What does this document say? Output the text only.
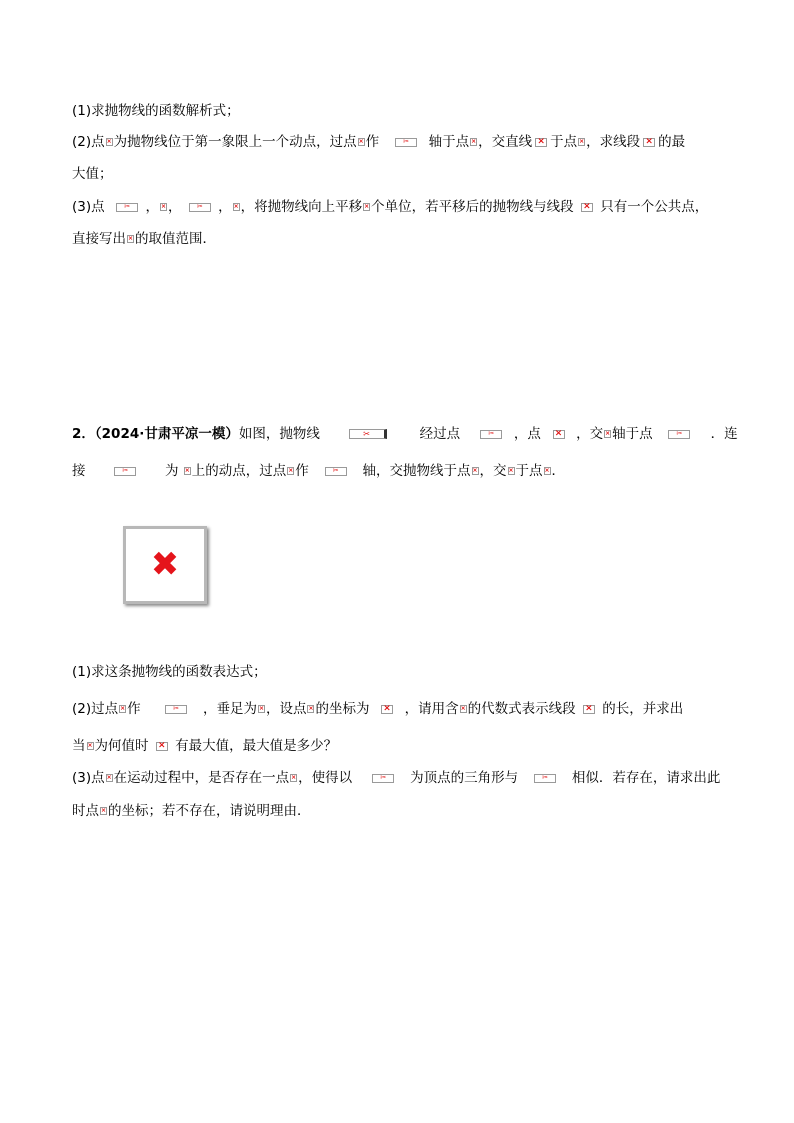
(1)求抛物线的函数解析式；
(2)点 × 为抛物线位于第一象限上一个动点，过点 × 作 ✂	轴于点 × ，交直线 × 于点 × ，求线段 × 的最
大值；
(3)点 ✂	， × ， ✂	， × ，将抛物线向上平移 × 个单位，若平移后的抛物线与线段 × 只有一个公共点，
直接写出 × 的取值范围．
2．（2024·甘肃平凉一模）如图，抛物线 ✂	经过点 ✂	，点 ×	，交 × 轴于点 ✂	．连
接 ✂	为 × 上的动点，过点 × 作 ✂	轴，交抛物线于点 × ，交 × 于点 × ．
✖
(1)求这条抛物线的函数表达式；
(2)过点 × 作 ✂	，垂足为 × ，设点 × 的坐标为 ×	，请用含 × 的代数式表示线段 × 的长，并求出
当 × 为何值时 × 有最大值，最大值是多少？
(3)点 × 在运动过程中，是否存在一点 × ，使得以 ✂	为顶点的三角形与 ✂	相似．若存在，请求出此
时点 × 的坐标；若不存在，请说明理由．
